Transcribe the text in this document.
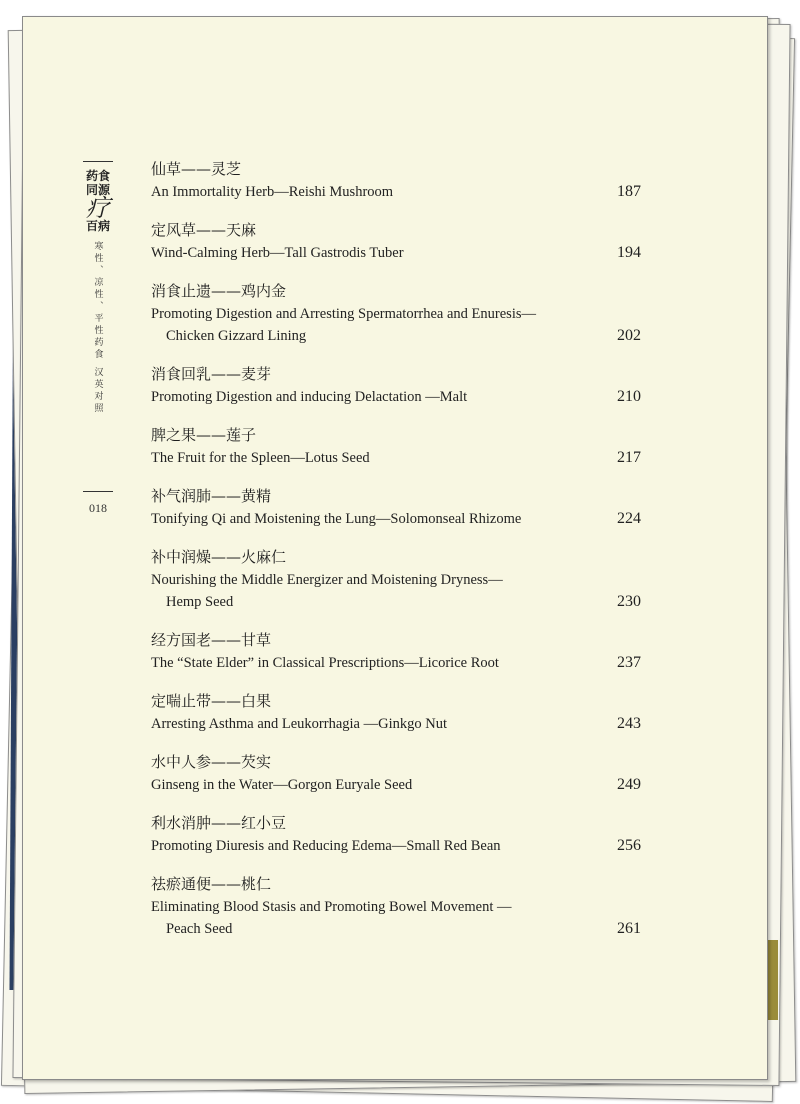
药食
同源
疗
百病
寒性、凉性、平性药食 汉英对照
018
仙草——灵芝
An Immortality Herb—Reishi Mushroom	187
定风草——天麻
Wind-Calming Herb—Tall Gastrodis Tuber	194
消食止遗——鸡内金
Promoting Digestion and Arresting Spermatorrhea and Enuresis—
Chicken Gizzard Lining	202
消食回乳——麦芽
Promoting Digestion and inducing Delactation —Malt	210
脾之果——莲子
The Fruit for the Spleen—Lotus Seed	217
补气润肺——黄精
Tonifying Qi and Moistening the Lung—Solomonseal Rhizome	224
补中润燥——火麻仁
Nourishing the Middle Energizer and Moistening Dryness—
Hemp Seed	230
经方国老——甘草
The “State Elder” in Classical Prescriptions—Licorice Root	237
定喘止带——白果
Arresting Asthma and Leukorrhagia —Ginkgo Nut	243
水中人参——芡实
Ginseng in the Water—Gorgon Euryale Seed	249
利水消肿——红小豆
Promoting Diuresis and Reducing Edema—Small Red Bean	256
祛瘀通便——桃仁
Eliminating Blood Stasis and Promoting Bowel Movement —
Peach Seed	261
